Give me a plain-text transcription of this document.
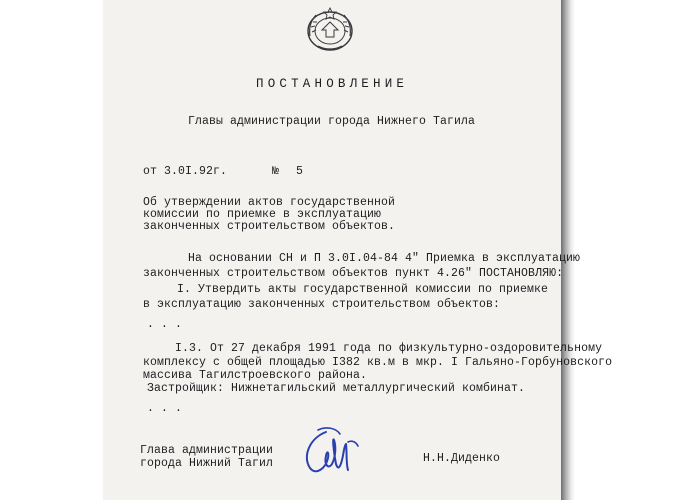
ПОСТАНОВЛЕНИЕ
Главы администрации города Нижнего Тагила
от 3.0I.92г.	№ 5
Об утверждении актов государственной
комиссии по приемке в эксплуатацию
законченных строительством объектов.
На основании СН и П 3.0I.04-84 4" Приемка в эксплуатацию
законченных строительством объектов пункт 4.26" ПОСТАНОВЛЯЮ:
I. Утвердить акты государственной комиссии по приемке
в эксплуатацию законченных строительством объектов:
. . .
I.3. От 27 декабря 1991 года по физкультурно-оздоровительному
комплексу с общей площадью I382 кв.м в мкр. I Гальяно-Горбуновского
массива Тагилстроевского района.
Застройщик: Нижнетагильский металлургический комбинат.
. . .
Глава администрации
города Нижний Тагил	Н.Н.Диденко
